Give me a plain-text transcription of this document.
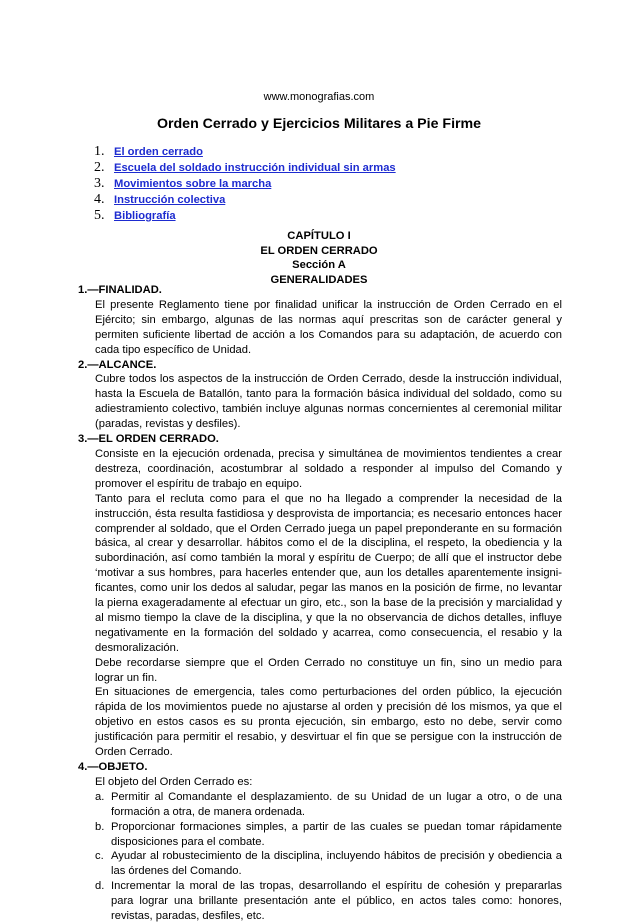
www.monografias.com
Orden Cerrado y Ejercicios Militares a Pie Firme
1. El orden cerrado
2. Escuela del soldado instrucción individual sin armas
3. Movimientos sobre la marcha
4. Instrucción colectiva
5. Bibliografía
CAPÍTULO I
EL ORDEN CERRADO
Sección A
GENERALIDADES

1.—FINALIDAD.

El presente Reglamento tiene por finalidad unificar la instrucción de Orden Cerrado en el Ejército; sin embargo, algunas de las normas aquí prescritas son de carácter general y permiten suficiente libertad de acción a los Comandos para su adaptación, de acuerdo con cada tipo específico de Unidad.

2.—ALCANCE.

Cubre todos los aspectos de la instrucción de Orden Cerrado, desde la instrucción individual, hasta la Escuela de Batallón, tanto para la formación básica individual del soldado, como su adiestramiento colectivo, también incluye algunas normas concernientes al ceremonial militar (paradas, revistas y desfiles).

3.—EL ORDEN CERRADO.

Consiste en la ejecución ordenada, precisa y simultánea de movimientos tendientes a crear destreza, coordinación, acostumbrar al soldado a responder al impulso del Comando y promover el espíritu de trabajo en equipo.

Tanto para el recluta como para el que no ha llegado a comprender la necesidad de la instrucción, ésta resulta fastidiosa y desprovista de importancia; es necesario entonces hacer comprender al soldado, que el Orden Cerrado juega un papel preponderante en su formación básica, al crear y desarrollar. hábitos como el de la disciplina, el respeto, la obediencia y la subordinación, así como también la moral y espíritu de Cuerpo; de allí que el instructor debe ‘motivar a sus hombres, para hacerles entender que, aun los detalles aparentemente insigni-ficantes, como unir los dedos al saludar, pegar las manos en la posición de firme, no levantar la pierna exageradamente al efectuar un giro, etc., son la base de la precisión y marcialidad y al mismo tiempo la clave de la disciplina, y que la no observancia de dichos detalles, influye negativamente en la formación del soldado y acarrea, como consecuencia, el resabio y la desmoralización.

Debe recordarse siempre que el Orden Cerrado no constituye un fin, sino un medio para lograr un fin.

En situaciones de emergencia, tales como perturbaciones del orden público, la ejecución rápida de los movimientos puede no ajustarse al orden y precisión dé los mismos, ya que el objetivo en estos casos es su pronta ejecución, sin embargo, esto no debe, servir como justificación para permitir el resabio, y desvirtuar el fin que se persigue con la instrucción de Orden Cerrado.

4.—OBJETO.

El objeto del Orden Cerrado es:

a. Permitir al Comandante el desplazamiento. de su Unidad de un lugar a otro, o de una formación a otra, de manera ordenada.
b. Proporcionar formaciones simples, a partir de las cuales se puedan tomar rápidamente disposiciones para el combate.
c. Ayudar al robustecimiento de la disciplina, incluyendo hábitos de precisión y obediencia a las órdenes del Comando.
d. Incrementar la moral de las tropas, desarrollando el espíritu de cohesión y prepararlas para lograr una brillante presentación ante el público, en actos tales como: honores, revistas, paradas, desfiles, etc.
